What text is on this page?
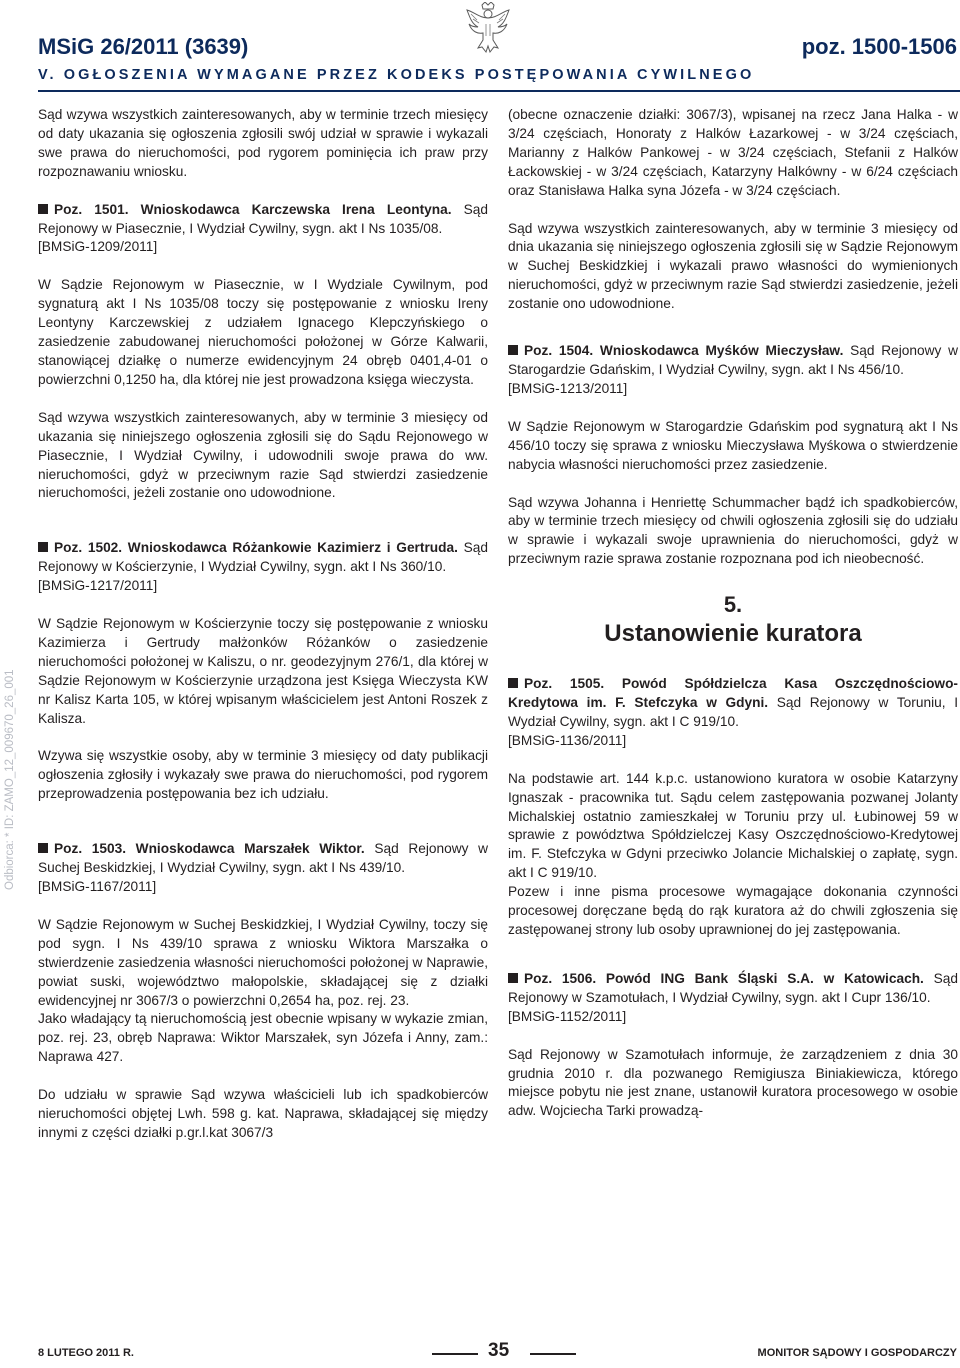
MSiG 26/2011 (3639)	poz. 1500-1506
V. OGŁOSZENIA WYMAGANE PRZEZ KODEKS POSTĘPOWANIA CYWILNEGO
Odbiorca: * ID: ZAMO_12_009670_26_001

Sąd wzywa wszystkich zainteresowanych, aby w terminie trzech miesięcy od daty ukazania się ogłoszenia zgłosili swój udział w sprawie i wykazali swe prawa do nieruchomości, pod rygorem pominięcia ich praw przy rozpoznawaniu wniosku.

Poz. 1501. Wnioskodawca Karczewska Irena Leontyna. Sąd Rejonowy w Piasecznie, I Wydział Cywilny, sygn. akt I Ns 1035/08.

[BMSiG-1209/2011]

W Sądzie Rejonowym w Piasecznie, w I Wydziale Cywilnym, pod sygnaturą akt I Ns 1035/08 toczy się postępowanie z wniosku Ireny Leontyny Karczewskiej z udziałem Ignacego Klepczyńskiego o zasiedzenie zabudowanej nieruchomości położonej w Górze Kalwarii, stanowiącej działkę o numerze ewidencyjnym 24 obręb 0401,4-01 o powierzchni 0,1250 ha, dla której nie jest prowadzona księga wieczysta.

Sąd wzywa wszystkich zainteresowanych, aby w terminie 3 miesięcy od ukazania się niniejszego ogłoszenia zgłosili się do Sądu Rejonowego w Piasecznie, I Wydział Cywilny, i udowodnili swoje prawa do ww. nieruchomości, gdyż w przeciwnym razie Sąd stwierdzi zasiedzenie nieruchomości, jeżeli zostanie ono udowodnione.

Poz. 1502. Wnioskodawca Różankowie Kazimierz i Gertruda. Sąd Rejonowy w Kościerzynie, I Wydział Cywilny, sygn. akt I Ns 360/10.

[BMSiG-1217/2011]

W Sądzie Rejonowym w Kościerzynie toczy się postępowanie z wniosku Kazimierza i Gertrudy małżonków Różanków o zasiedzenie nieruchomości położonej w Kaliszu, o nr. geodezyjnym 276/1, dla której w Sądzie Rejonowym w Kościerzynie urządzona jest Księga Wieczysta KW nr Kalisz Karta 105, w której wpisanym właścicielem jest Antoni Roszek z Kalisza.

Wzywa się wszystkie osoby, aby w terminie 3 miesięcy od daty publikacji ogłoszenia zgłosiły i wykazały swe prawa do nieruchomości, pod rygorem przeprowadzenia postępowania bez ich udziału.

Poz. 1503. Wnioskodawca Marszałek Wiktor. Sąd Rejonowy w Suchej Beskidzkiej, I Wydział Cywilny, sygn. akt I Ns 439/10.

[BMSiG-1167/2011]

W Sądzie Rejonowym w Suchej Beskidzkiej, I Wydział Cywilny, toczy się pod sygn. I Ns 439/10 sprawa z wniosku Wiktora Marszałka o stwierdzenie zasiedzenia własności nieruchomości położonej w Naprawie, powiat suski, województwo małopolskie, składającej się z działki ewidencyjnej nr 3067/3 o powierzchni 0,2654 ha, poz. rej. 23.

Jako władający tą nieruchomością jest obecnie wpisany w wykazie zmian, poz. rej. 23, obręb Naprawa: Wiktor Marszałek, syn Józefa i Anny, zam.: Naprawa 427.

Do udziału w sprawie Sąd wzywa właścicieli lub ich spadkobierców nieruchomości objętej Lwh. 598 g. kat. Naprawa, składającej się między innymi z części działki p.gr.l.kat 3067/3

(obecne oznaczenie działki: 3067/3), wpisanej na rzecz Jana Halka - w 3/24 częściach, Honoraty z Halków Łazarkowej - w 3/24 częściach, Marianny z Halków Pankowej - w 3/24 częściach, Stefanii z Halków Łackowskiej - w 3/24 częściach, Katarzyny Halkówny - w 6/24 częściach oraz Stanisława Halka syna Józefa - w 3/24 częściach.

Sąd wzywa wszystkich zainteresowanych, aby w terminie 3 miesięcy od dnia ukazania się niniejszego ogłoszenia zgłosili się w Sądzie Rejonowym w Suchej Beskidzkiej i wykazali prawo własności do wymienionych nieruchomości, gdyż w przeciwnym razie Sąd stwierdzi zasiedzenie, jeżeli zostanie ono udowodnione.

Poz. 1504. Wnioskodawca Myśków Mieczysław. Sąd Rejonowy w Starogardzie Gdańskim, I Wydział Cywilny, sygn. akt I Ns 456/10.

[BMSiG-1213/2011]

W Sądzie Rejonowym w Starogardzie Gdańskim pod sygnaturą akt I Ns 456/10 toczy się sprawa z wniosku Mieczysława Myśkowa o stwierdzenie nabycia własności nieruchomości przez zasiedzenie.

Sąd wzywa Johanna i Henriettę Schummacher bądź ich spadkobierców, aby w terminie trzech miesięcy od chwili ogłoszenia zgłosili się do udziału w sprawie i wykazali swoje uprawnienia do nieruchomości, gdyż w przeciwnym razie sprawa zostanie rozpoznana pod ich nieobecność.

5.
Ustanowienie kuratora

Poz. 1505. Powód Spółdzielcza Kasa Oszczędnościowo-Kredytowa im. F. Stefczyka w Gdyni. Sąd Rejonowy w Toruniu, I Wydział Cywilny, sygn. akt I C 919/10.

[BMSiG-1136/2011]

Na podstawie art. 144 k.p.c. ustanowiono kuratora w osobie Katarzyny Ignaszak - pracownika tut. Sądu celem zastępowania pozwanej Jolanty Michalskiej ostatnio zamieszkałej w Toruniu przy ul. Łubinowej 59 w sprawie z powództwa Spółdzielczej Kasy Oszczędnościowo-Kredytowej im. F. Stefczyka w Gdyni przeciwko Jolancie Michalskiej o zapłatę, sygn. akt I C 919/10.

Pozew i inne pisma procesowe wymagające dokonania czynności procesowej doręczane będą do rąk kuratora aż do chwili zgłoszenia się zastępowanej strony lub osoby uprawnionej do jej zastępowania.

Poz. 1506. Powód ING Bank Śląski S.A. w Katowicach. Sąd Rejonowy w Szamotułach, I Wydział Cywilny, sygn. akt I Cupr 136/10.

[BMSiG-1152/2011]

Sąd Rejonowy w Szamotułach informuje, że zarządzeniem z dnia 30 grudnia 2010 r. dla pozwanego Remigiusza Biniakiewicza, którego miejsce pobytu nie jest znane, ustanowił kuratora procesowego w osobie adw. Wojciecha Tarki prowadzą-

8 LUTEGO 2011 R.	35	MONITOR SĄDOWY I GOSPODARCZY
